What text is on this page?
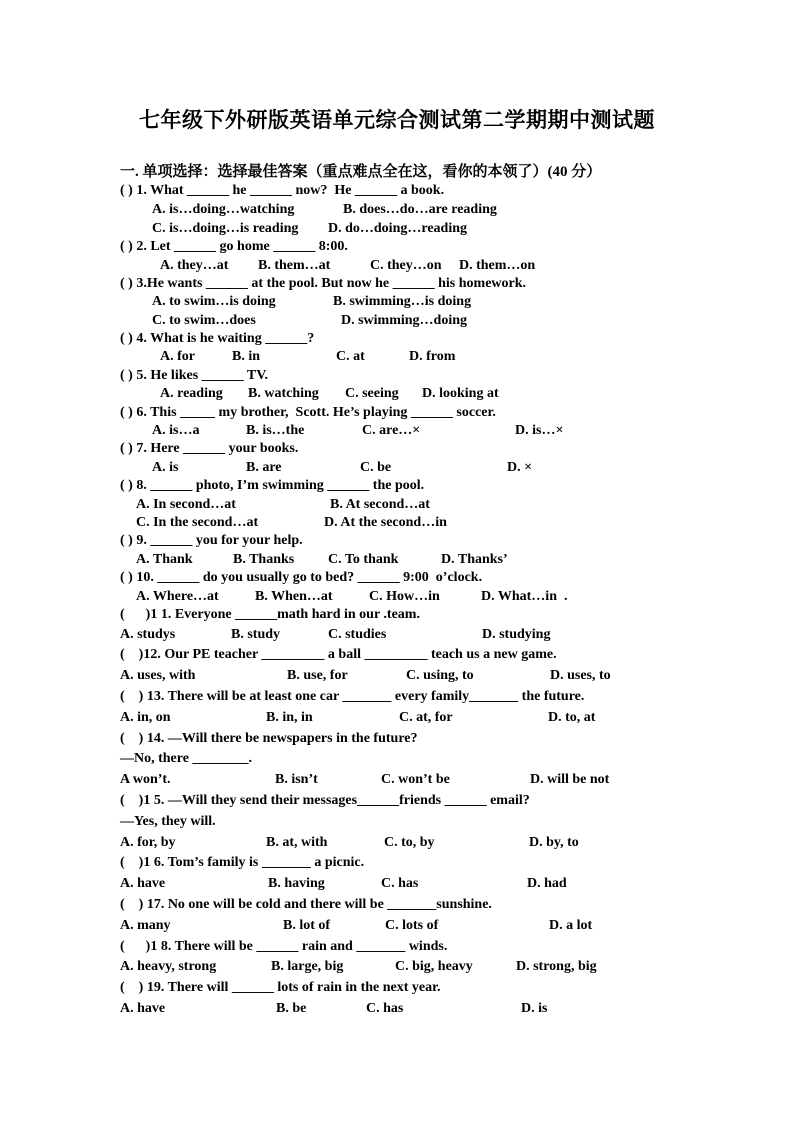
七年级下外研版英语单元综合测试第二学期期中测试题
一. 单项选择：选择最佳答案（重点难点全在这，看你的本领了）(40 分）
( ) 1. What ______ he ______ now?  He ______ a book.
A. is…doing…watching	B. does…do…are reading
C. is…doing…is reading D. do…doing…reading
( ) 2. Let ______ go home ______ 8:00.
A. they…at B. them…at	C. they…on D. them…on
( ) 3.He wants ______ at the pool. But now he ______ his homework.
A. to swim…is doing	B. swimming…is doing
C. to swim…does	D. swimming…doing
( ) 4. What is he waiting ______?
A. for	B. in	C. at	D. from
( ) 5. He likes ______ TV.
A. reading B. watching C. seeing D. looking at
( ) 6. This _____ my brother,  Scott. He’s playing ______ soccer.
A. is…a	B. is…the	C. are…×	D. is…×
( ) 7. Here ______ your books.
A. is	B. are	C. be	D. ×
( ) 8. ______ photo, I’m swimming ______ the pool.
A. In second…at	B. At second…at
C. In the second…at	D. At the second…in
( ) 9. ______ you for your help.
A. Thank	B. Thanks C. To thank	D. Thanks’
( ) 10. ______ do you usually go to bed? ______ 9:00  o’clock.
A. Where…at	B. When…at	C. How…in	D. What…in  .
(      )1 1. Everyone ______math hard in our .team.
A. studys	B. study	C. studies	D. studying
(    )12. Our PE teacher _________ a ball _________ teach us a new game.
A. uses, with	B. use, for	C. using, to	D. uses, to
(    ) 13. There will be at least one car _______ every family_______ the future.
A. in, on	B. in, in	C. at, for	D. to, at
(    ) 14. —Will there be newspapers in the future?
—No, there ________.
A won’t.	B. isn’t	C. won’t be	D. will be not
(    )1 5. —Will they send their messages______friends ______ email?
—Yes, they will.
A. for, by	B. at, with	C. to, by	D. by, to
(    )1 6. Tom’s family is _______ a picnic.
A. have	B. having	C. has	D. had
(    ) 17. No one will be cold and there will be _______sunshine.
A. many	B. lot of	C. lots of	D. a lot
(      )1 8. There will be ______ rain and _______ winds.
A. heavy, strong	B. large, big	C. big, heavy	D. strong, big
(    ) 19. There will ______ lots of rain in the next year.
A. have	B. be	C. has	D. is
